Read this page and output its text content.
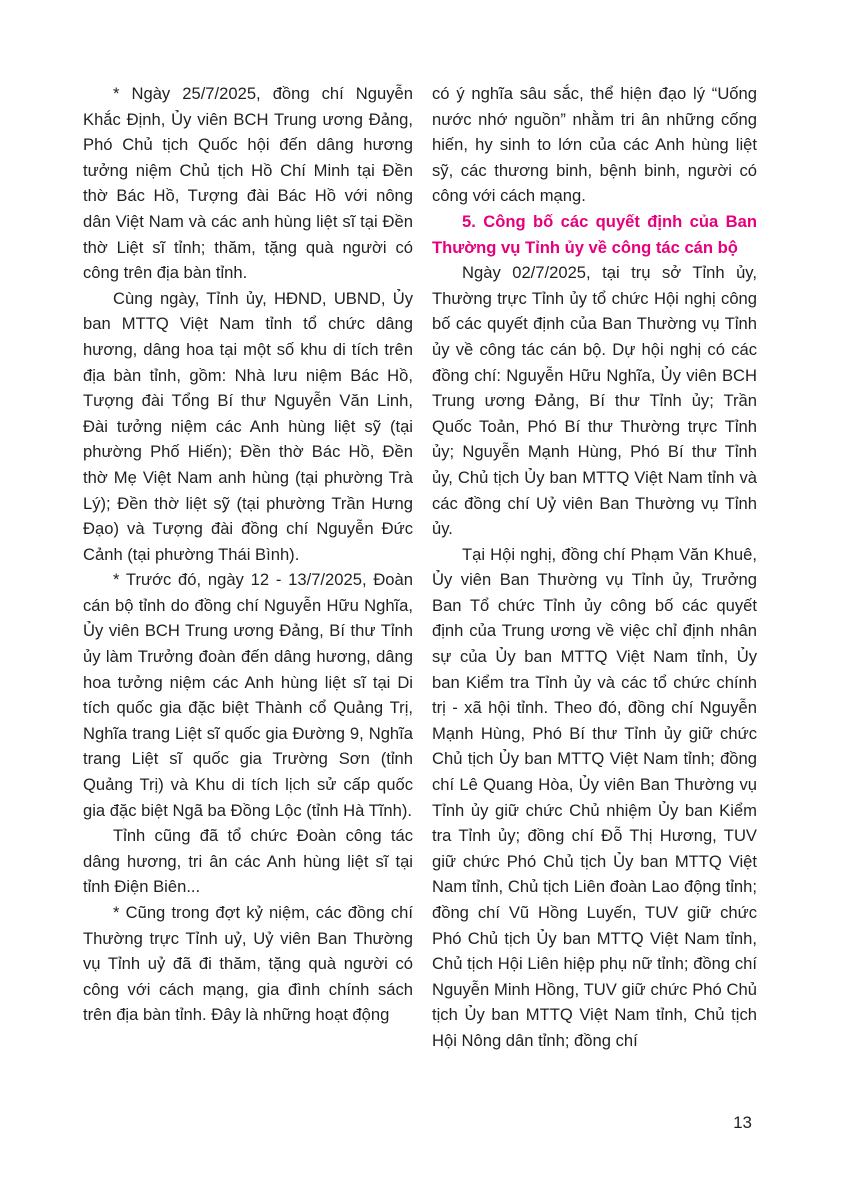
* Ngày 25/7/2025, đồng chí Nguyễn Khắc Định, Ủy viên BCH Trung ương Đảng, Phó Chủ tịch Quốc hội đến dâng hương tưởng niệm Chủ tịch Hồ Chí Minh tại Đền thờ Bác Hồ, Tượng đài Bác Hồ với nông dân Việt Nam và các anh hùng liệt sĩ tại Đền thờ Liệt sĩ tỉnh; thăm, tặng quà người có công trên địa bàn tỉnh.

Cùng ngày, Tỉnh ủy, HĐND, UBND, Ủy ban MTTQ Việt Nam tỉnh tổ chức dâng hương, dâng hoa tại một số khu di tích trên địa bàn tỉnh, gồm: Nhà lưu niệm Bác Hồ, Tượng đài Tổng Bí thư Nguyễn Văn Linh, Đài tưởng niệm các Anh hùng liệt sỹ (tại phường Phố Hiến); Đền thờ Bác Hồ, Đền thờ Mẹ Việt Nam anh hùng (tại phường Trà Lý); Đền thờ liệt sỹ (tại phường Trần Hưng Đạo) và Tượng đài đồng chí Nguyễn Đức Cảnh (tại phường Thái Bình).

* Trước đó, ngày 12 - 13/7/2025, Đoàn cán bộ tỉnh do đồng chí Nguyễn Hữu Nghĩa, Ủy viên BCH Trung ương Đảng, Bí thư Tỉnh ủy làm Trưởng đoàn đến dâng hương, dâng hoa tưởng niệm các Anh hùng liệt sĩ tại Di tích quốc gia đặc biệt Thành cổ Quảng Trị, Nghĩa trang Liệt sĩ quốc gia Đường 9, Nghĩa trang Liệt sĩ quốc gia Trường Sơn (tỉnh Quảng Trị) và Khu di tích lịch sử cấp quốc gia đặc biệt Ngã ba Đồng Lộc (tỉnh Hà Tĩnh).

Tỉnh cũng đã tổ chức Đoàn công tác dâng hương, tri ân các Anh hùng liệt sĩ tại tỉnh Điện Biên...

* Cũng trong đợt kỷ niệm, các đồng chí Thường trực Tỉnh uỷ, Uỷ viên Ban Thường vụ Tỉnh uỷ đã đi thăm, tặng quà người có công với cách mạng, gia đình chính sách trên địa bàn tỉnh. Đây là những hoạt động

có ý nghĩa sâu sắc, thể hiện đạo lý “Uống nước nhớ nguồn” nhằm tri ân những cống hiến, hy sinh to lớn của các Anh hùng liệt sỹ, các thương binh, bệnh binh, người có công với cách mạng.

5. Công bố các quyết định của Ban Thường vụ Tỉnh ủy về công tác cán bộ

Ngày 02/7/2025, tại trụ sở Tỉnh ủy, Thường trực Tỉnh ủy tổ chức Hội nghị công bố các quyết định của Ban Thường vụ Tỉnh ủy về công tác cán bộ. Dự hội nghị có các đồng chí: Nguyễn Hữu Nghĩa, Ủy viên BCH Trung ương Đảng, Bí thư Tỉnh ủy; Trần Quốc Toản, Phó Bí thư Thường trực Tỉnh ủy; Nguyễn Mạnh Hùng, Phó Bí thư Tỉnh ủy, Chủ tịch Ủy ban MTTQ Việt Nam tỉnh và các đồng chí Uỷ viên Ban Thường vụ Tỉnh ủy.

Tại Hội nghị, đồng chí Phạm Văn Khuê, Ủy viên Ban Thường vụ Tỉnh ủy, Trưởng Ban Tổ chức Tỉnh ủy công bố các quyết định của Trung ương về việc chỉ định nhân sự của Ủy ban MTTQ Việt Nam tỉnh, Ủy ban Kiểm tra Tỉnh ủy và các tổ chức chính trị - xã hội tỉnh. Theo đó, đồng chí Nguyễn Mạnh Hùng, Phó Bí thư Tỉnh ủy giữ chức Chủ tịch Ủy ban MTTQ Việt Nam tỉnh; đồng chí Lê Quang Hòa, Ủy viên Ban Thường vụ Tỉnh ủy giữ chức Chủ nhiệm Ủy ban Kiểm tra Tỉnh ủy; đồng chí Đỗ Thị Hương, TUV giữ chức Phó Chủ tịch Ủy ban MTTQ Việt Nam tỉnh, Chủ tịch Liên đoàn Lao động tỉnh; đồng chí Vũ Hồng Luyến, TUV giữ chức Phó Chủ tịch Ủy ban MTTQ Việt Nam tỉnh, Chủ tịch Hội Liên hiệp phụ nữ tỉnh; đồng chí Nguyễn Minh Hồng, TUV giữ chức Phó Chủ tịch Ủy ban MTTQ Việt Nam tỉnh, Chủ tịch Hội Nông dân tỉnh; đồng chí

13
